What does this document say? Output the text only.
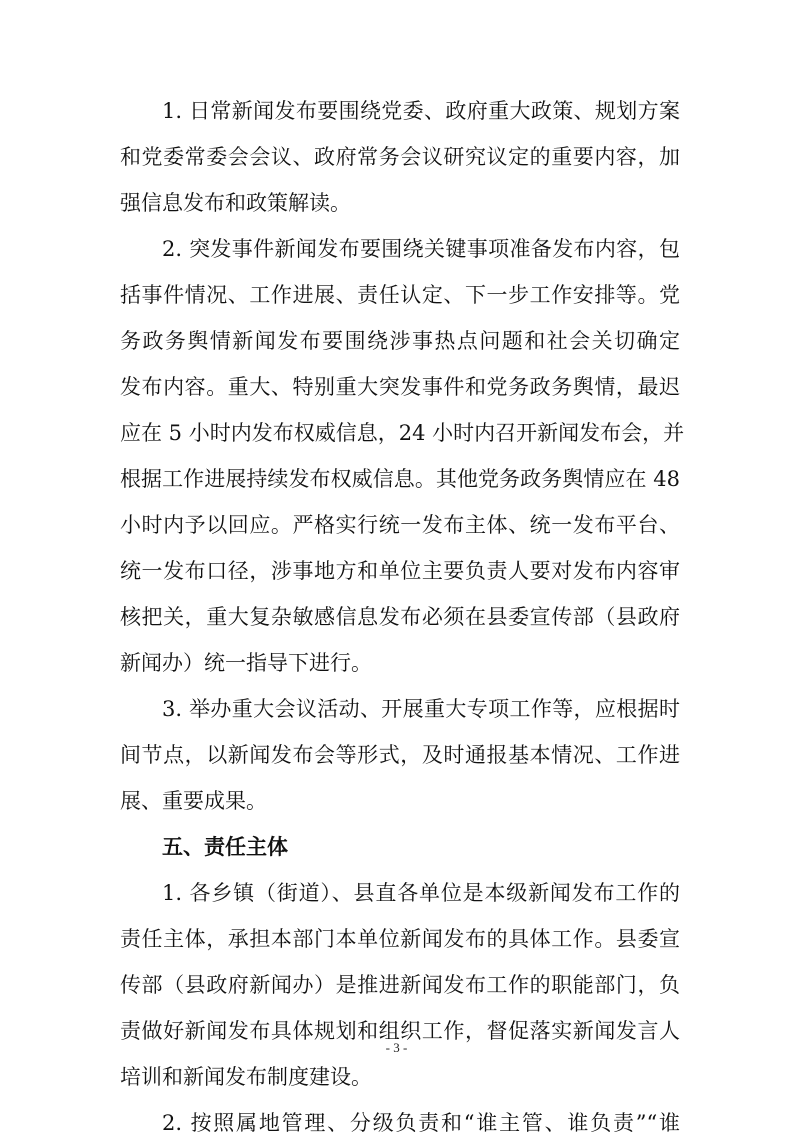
1. 日常新闻发布要围绕党委、政府重大政策、规划方案
和党委常委会会议、政府常务会议研究议定的重要内容，加
强信息发布和政策解读。
2. 突发事件新闻发布要围绕关键事项准备发布内容，包
括事件情况、工作进展、责任认定、下一步工作安排等。党
务政务舆情新闻发布要围绕涉事热点问题和社会关切确定
发布内容。重大、特别重大突发事件和党务政务舆情，最迟
应在 5 小时内发布权威信息，24 小时内召开新闻发布会，并
根据工作进展持续发布权威信息。其他党务政务舆情应在 48
小时内予以回应。严格实行统一发布主体、统一发布平台、
统一发布口径，涉事地方和单位主要负责人要对发布内容审
核把关，重大复杂敏感信息发布必须在县委宣传部（县政府
新闻办）统一指导下进行。
3. 举办重大会议活动、开展重大专项工作等，应根据时
间节点，以新闻发布会等形式，及时通报基本情况、工作进
展、重要成果。
五、责任主体
1. 各乡镇（街道）、县直各单位是本级新闻发布工作的
责任主体，承担本部门本单位新闻发布的具体工作。县委宣
传部（县政府新闻办）是推进新闻发布工作的职能部门，负
责做好新闻发布具体规划和组织工作，督促落实新闻发言人
培训和新闻发布制度建设。
2. 按照属地管理、分级负责和“谁主管、谁负责”“谁
- 3 -
